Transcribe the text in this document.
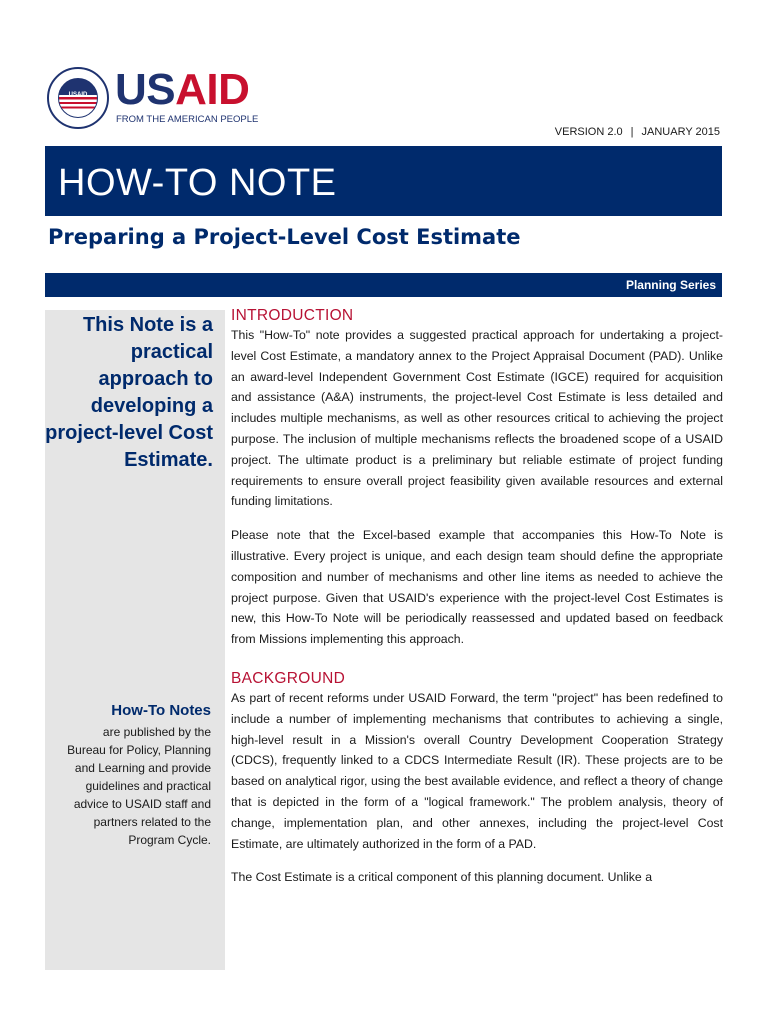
USAID USAID
FROM THE AMERICAN PEOPLE
VERSION 2.0 | JANUARY 2015
HOW-TO NOTE
Preparing a Project-Level Cost Estimate
Planning Series

This Note is a practical approach to developing a project-level Cost Estimate.

How-To Notes

are published by the Bureau for Policy, Planning and Learning and provide guidelines and practical advice to USAID staff and partners related to the Program Cycle.

INTRODUCTION

This "How-To" note provides a suggested practical approach for undertaking a project-level Cost Estimate, a mandatory annex to the Project Appraisal Document (PAD). Unlike an award-level Independent Government Cost Estimate (IGCE) required for acquisition and assistance (A&A) instruments, the project-level Cost Estimate is less detailed and includes multiple mechanisms, as well as other resources critical to achieving the project purpose. The inclusion of multiple mechanisms reflects the broadened scope of a USAID project. The ultimate product is a preliminary but reliable estimate of project funding requirements to ensure overall project feasibility given available resources and external funding limitations.

Please note that the Excel-based example that accompanies this How-To Note is illustrative. Every project is unique, and each design team should define the appropriate composition and number of mechanisms and other line items as needed to achieve the project purpose. Given that USAID's experience with the project-level Cost Estimates is new, this How-To Note will be periodically reassessed and updated based on feedback from Missions implementing this approach.

BACKGROUND

As part of recent reforms under USAID Forward, the term "project" has been redefined to include a number of implementing mechanisms that contributes to achieving a single, high-level result in a Mission's overall Country Development Cooperation Strategy (CDCS), frequently linked to a CDCS Intermediate Result (IR). These projects are to be based on analytical rigor, using the best available evidence, and reflect a theory of change that is depicted in the form of a "logical framework." The problem analysis, theory of change, implementation plan, and other annexes, including the project-level Cost Estimate, are ultimately authorized in the form of a PAD.

The Cost Estimate is a critical component of this planning document. Unlike a
